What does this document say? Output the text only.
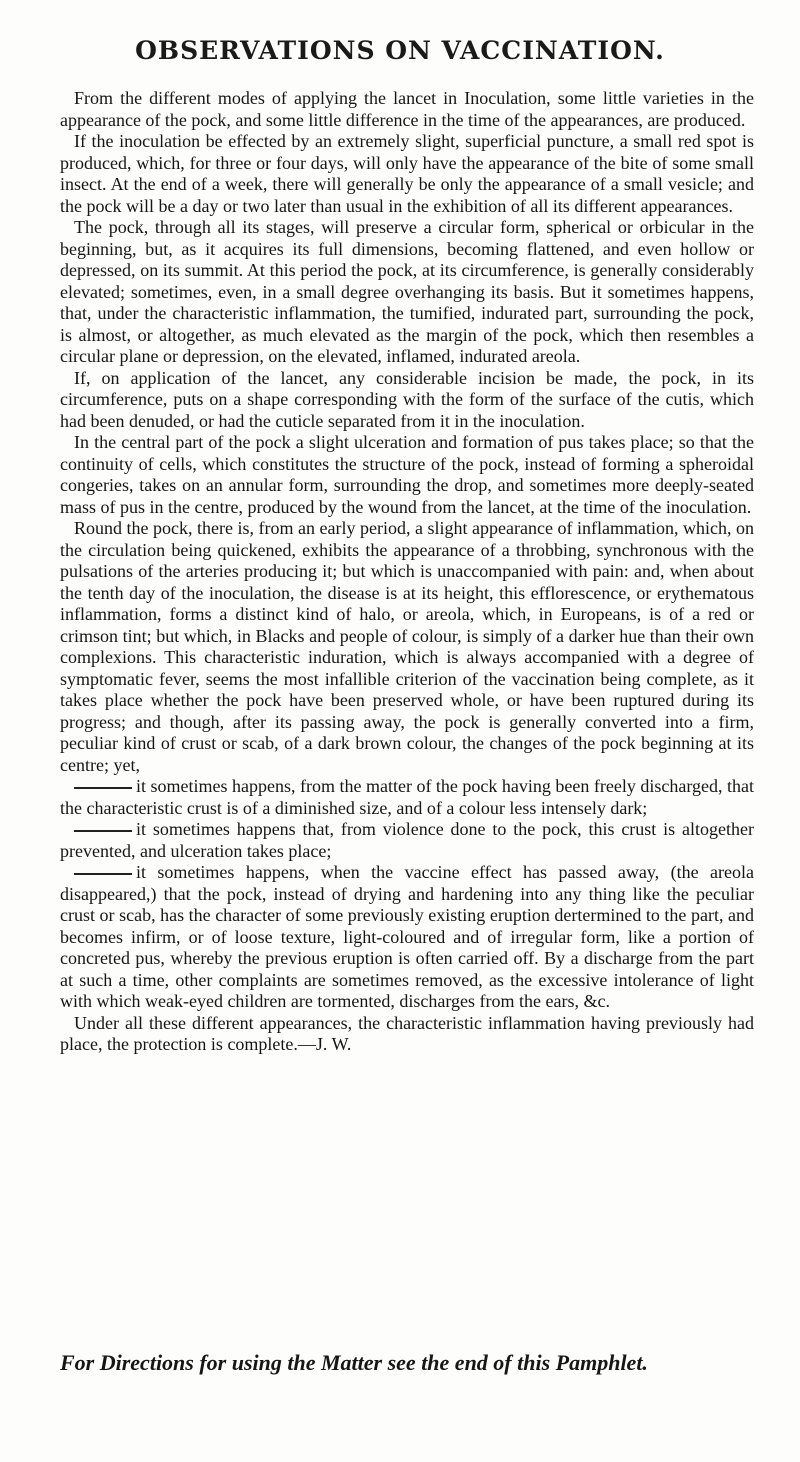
OBSERVATIONS ON VACCINATION.

From the different modes of applying the lancet in Inoculation, some little varieties in the appearance of the pock, and some little difference in the time of the appearances, are produced.

If the inoculation be effected by an extremely slight, superficial puncture, a small red spot is produced, which, for three or four days, will only have the appearance of the bite of some small insect. At the end of a week, there will generally be only the appearance of a small vesicle; and the pock will be a day or two later than usual in the exhibition of all its different appearances.

The pock, through all its stages, will preserve a circular form, spherical or orbicular in the beginning, but, as it acquires its full dimensions, becoming flattened, and even hollow or depressed, on its summit. At this period the pock, at its circumference, is generally considerably elevated; sometimes, even, in a small degree overhanging its basis. But it sometimes happens, that, under the characteristic inflammation, the tumified, indurated part, surrounding the pock, is almost, or altogether, as much elevated as the margin of the pock, which then resembles a circular plane or depression, on the elevated, inflamed, indurated areola.

If, on application of the lancet, any considerable incision be made, the pock, in its circumference, puts on a shape corresponding with the form of the surface of the cutis, which had been denuded, or had the cuticle separated from it in the inoculation.

In the central part of the pock a slight ulceration and formation of pus takes place; so that the continuity of cells, which constitutes the structure of the pock, instead of forming a spheroidal congeries, takes on an annular form, surrounding the drop, and sometimes more deeply-seated mass of pus in the centre, produced by the wound from the lancet, at the time of the inoculation.

Round the pock, there is, from an early period, a slight appearance of inflammation, which, on the circulation being quickened, exhibits the appearance of a throbbing, synchronous with the pulsations of the arteries producing it; but which is unaccompanied with pain: and, when about the tenth day of the inoculation, the disease is at its height, this efflorescence, or erythematous inflammation, forms a distinct kind of halo, or areola, which, in Europeans, is of a red or crimson tint; but which, in Blacks and people of colour, is simply of a darker hue than their own complexions. This characteristic induration, which is always accompanied with a degree of symptomatic fever, seems the most infallible criterion of the vaccination being complete, as it takes place whether the pock have been preserved whole, or have been ruptured during its progress; and though, after its passing away, the pock is generally converted into a firm, peculiar kind of crust or scab, of a dark brown colour, the changes of the pock beginning at its centre; yet,

it sometimes happens, from the matter of the pock having been freely discharged, that the characteristic crust is of a diminished size, and of a colour less intensely dark;

it sometimes happens that, from violence done to the pock, this crust is altogether prevented, and ulceration takes place;

it sometimes happens, when the vaccine effect has passed away, (the areola disappeared,) that the pock, instead of drying and hardening into any thing like the peculiar crust or scab, has the character of some previously existing eruption dertermined to the part, and becomes infirm, or of loose texture, light-coloured and of irregular form, like a portion of concreted pus, whereby the previous eruption is often carried off. By a discharge from the part at such a time, other complaints are sometimes removed, as the excessive intolerance of light with which weak-eyed children are tormented, discharges from the ears, &c.

Under all these different appearances, the characteristic inflammation having previously had place, the protection is complete.—J. W.

For Directions for using the Matter see the end of this Pamphlet.
